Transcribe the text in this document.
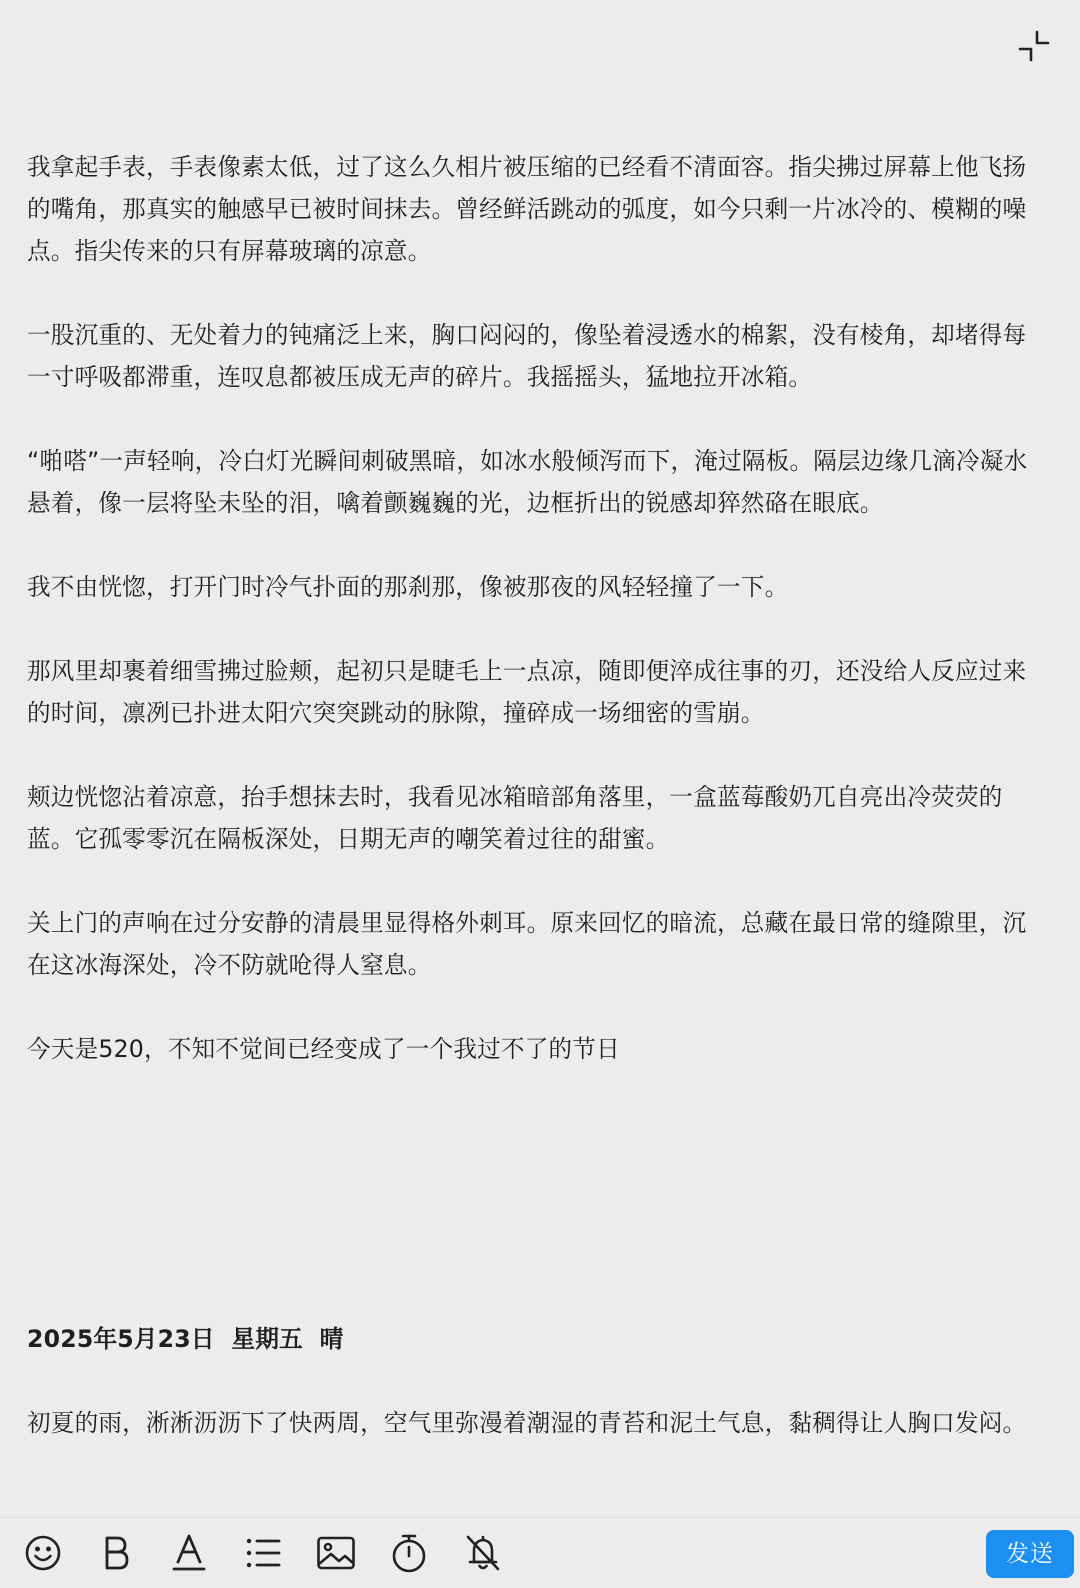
我拿起手表，手表像素太低，过了这么久相片被压缩的已经看不清面容。指尖拂过屏幕上他飞扬的嘴角，那真实的触感早已被时间抹去。曾经鲜活跳动的弧度，如今只剩一片冰冷的、模糊的噪点。指尖传来的只有屏幕玻璃的凉意。

一股沉重的、无处着力的钝痛泛上来，胸口闷闷的，像坠着浸透水的棉絮，没有棱角，却堵得每一寸呼吸都滞重，连叹息都被压成无声的碎片。我摇摇头，猛地拉开冰箱。

“啪嗒”一声轻响，冷白灯光瞬间刺破黑暗，如冰水般倾泻而下，淹过隔板。隔层边缘几滴冷凝水悬着，像一层将坠未坠的泪，噙着颤巍巍的光，边框折出的锐感却猝然硌在眼底。

我不由恍惚，打开门时冷气扑面的那刹那，像被那夜的风轻轻撞了一下。

那风里却裹着细雪拂过脸颊，起初只是睫毛上一点凉，随即便淬成往事的刃，还没给人反应过来的时间，凛冽已扑进太阳穴突突跳动的脉隙，撞碎成一场细密的雪崩。

颊边恍惚沾着凉意，抬手想抹去时，我看见冰箱暗部角落里，一盒蓝莓酸奶兀自亮出冷荧荧的蓝。它孤零零沉在隔板深处，日期无声的嘲笑着过往的甜蜜。

关上门的声响在过分安静的清晨里显得格外刺耳。原来回忆的暗流，总藏在最日常的缝隙里，沉在这冰海深处，冷不防就呛得人窒息。

今天是520，不知不觉间已经变成了一个我过不了的节日

2025年5月23日  星期五  晴

初夏的雨，淅淅沥沥下了快两周，空气里弥漫着潮湿的青苔和泥土气息，黏稠得让人胸口发闷。

发送
